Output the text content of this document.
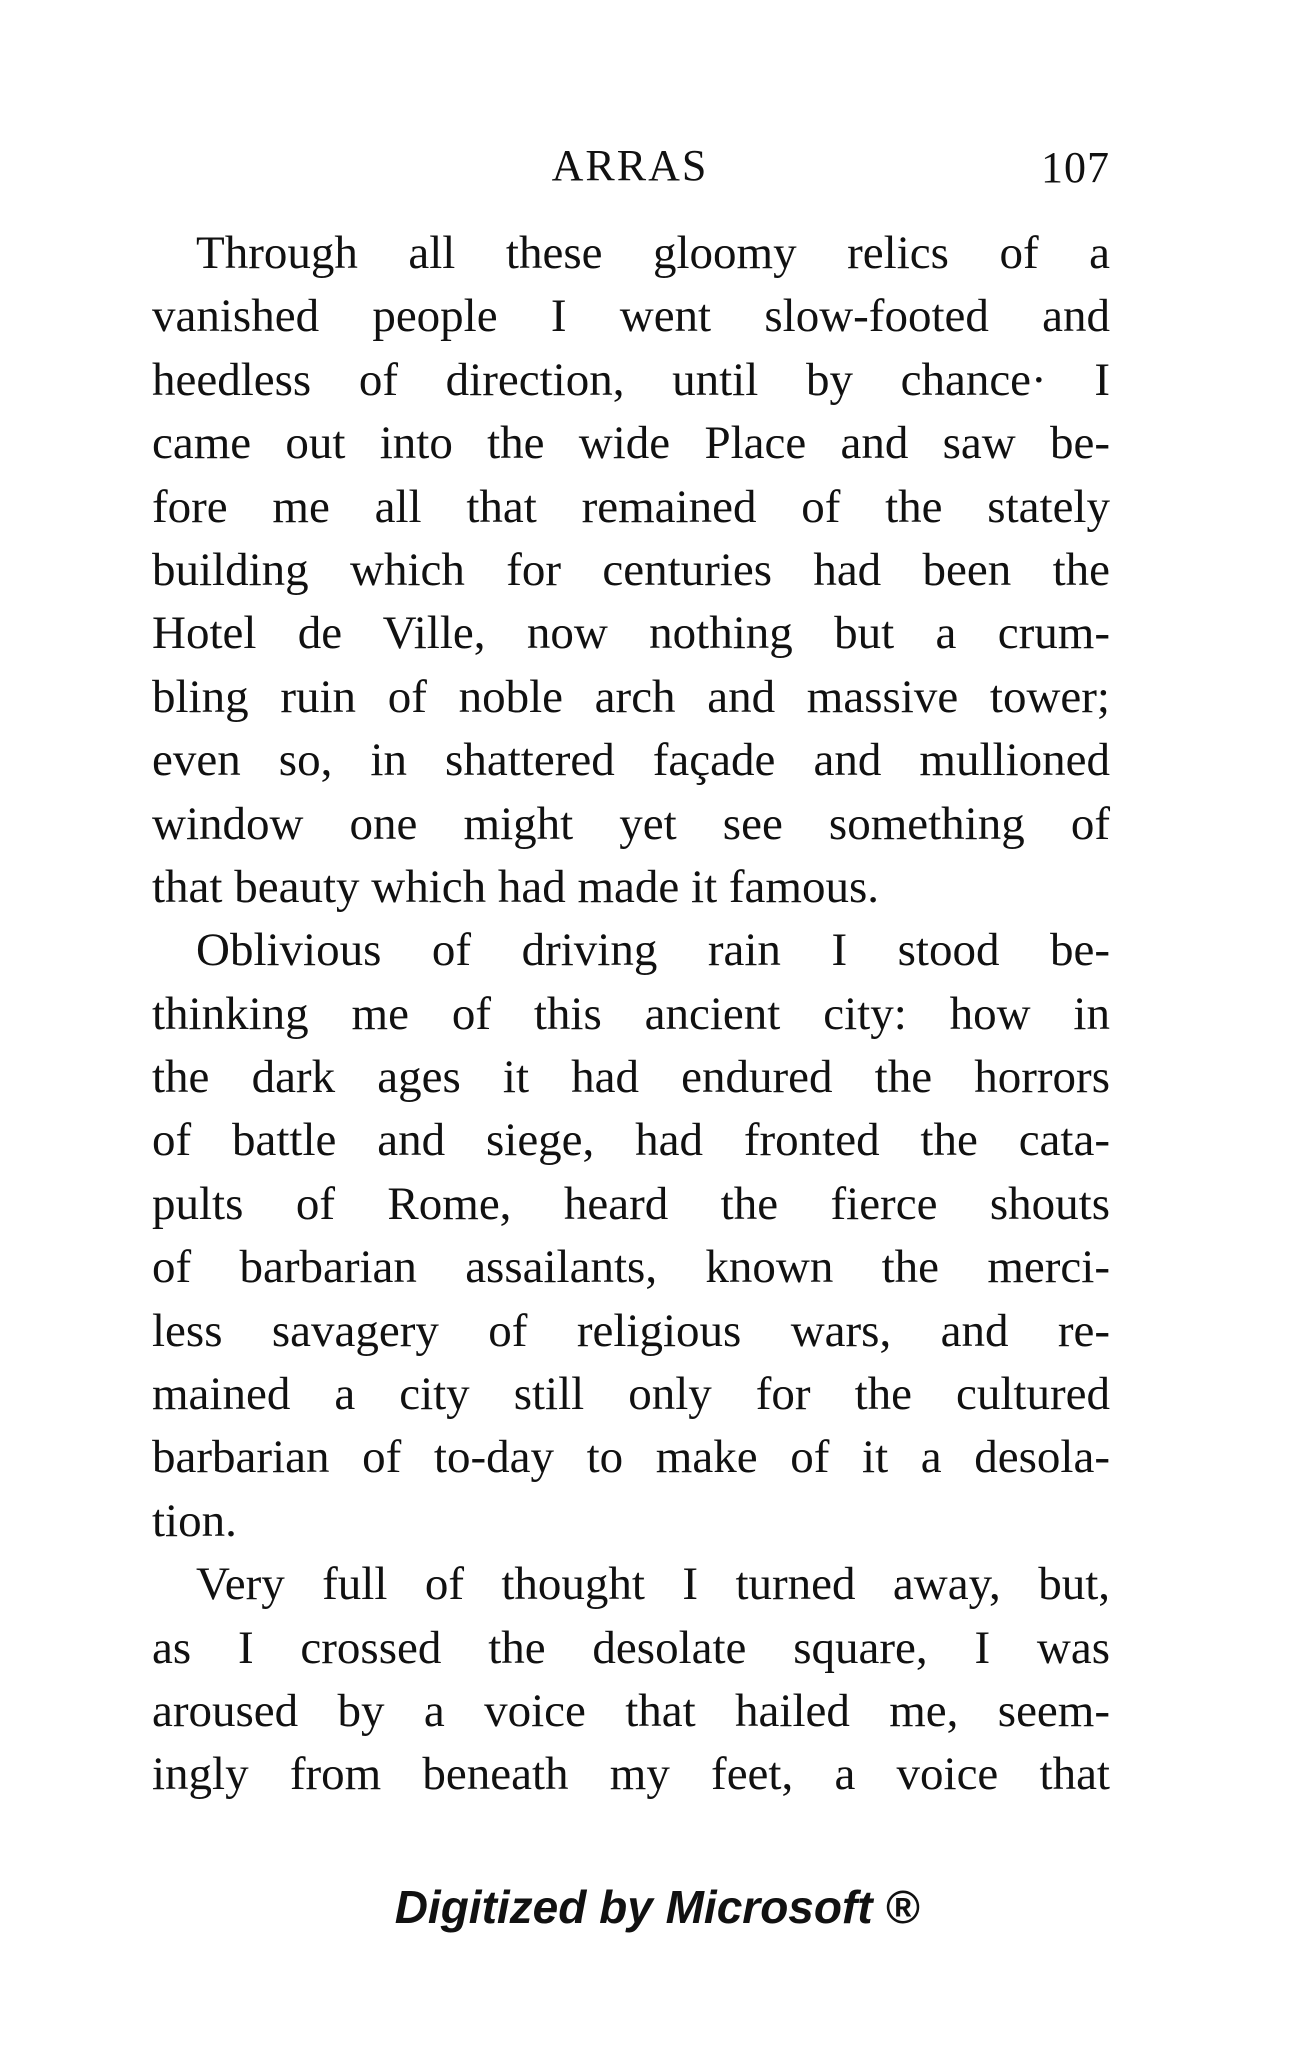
ARRAS	107
Through all these gloomy relics of a
vanished people I went slow-footed and
heedless of direction, until by chance· I
came out into the wide Place and saw be-
fore me all that remained of the stately
building which for centuries had been the
Hotel de Ville, now nothing but a crum-
bling ruin of noble arch and massive tower;
even so, in shattered façade and mullioned
window one might yet see something of
that beauty which had made it famous.
Oblivious of driving rain I stood be-
thinking me of this ancient city: how in
the dark ages it had endured the horrors
of battle and siege, had fronted the cata-
pults of Rome, heard the fierce shouts
of barbarian assailants, known the merci-
less savagery of religious wars, and re-
mained a city still only for the cultured
barbarian of to-day to make of it a desola-
tion.
Very full of thought I turned away, but,
as I crossed the desolate square, I was
aroused by a voice that hailed me, seem-
ingly from beneath my feet, a voice that
Digitized by Microsoft ®
